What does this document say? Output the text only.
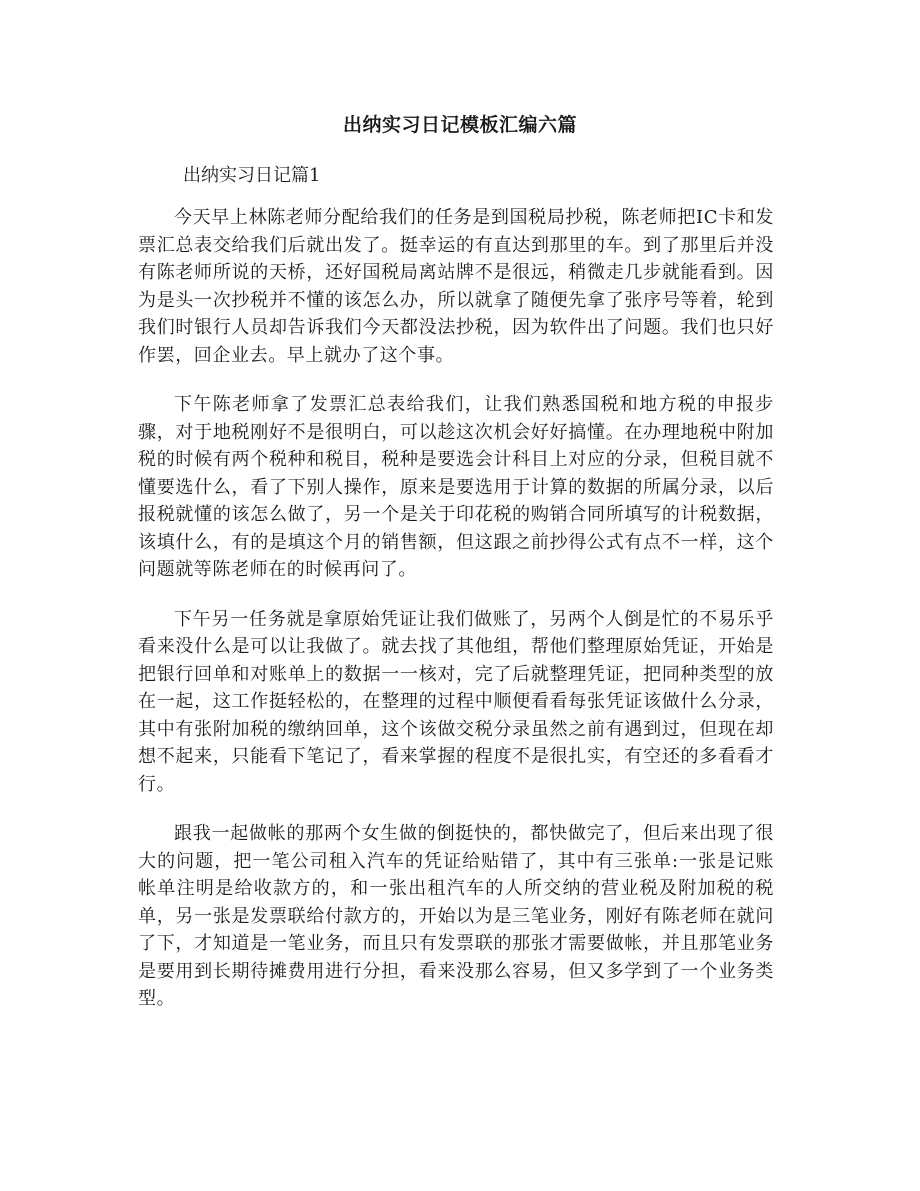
出纳实习日记模板汇编六篇
出纳实习日记篇1

今天早上林陈老师分配给我们的任务是到国税局抄税，陈老师把IC卡和发票汇总表交给我们后就出发了。挺幸运的有直达到那里的车。到了那里后并没有陈老师所说的天桥，还好国税局离站牌不是很远，稍微走几步就能看到。因为是头一次抄税并不懂的该怎么办，所以就拿了随便先拿了张序号等着，轮到我们时银行人员却告诉我们今天都没法抄税，因为软件出了问题。我们也只好作罢，回企业去。早上就办了这个事。

下午陈老师拿了发票汇总表给我们，让我们熟悉国税和地方税的申报步骤，对于地税刚好不是很明白，可以趁这次机会好好搞懂。在办理地税中附加税的时候有两个税种和税目，税种是要选会计科目上对应的分录，但税目就不懂要选什么，看了下别人操作，原来是要选用于计算的数据的所属分录，以后报税就懂的该怎么做了，另一个是关于印花税的购销合同所填写的计税数据，该填什么，有的是填这个月的销售额，但这跟之前抄得公式有点不一样，这个问题就等陈老师在的时候再问了。

下午另一任务就是拿原始凭证让我们做账了，另两个人倒是忙的不易乐乎看来没什么是可以让我做了。就去找了其他组，帮他们整理原始凭证，开始是把银行回单和对账单上的数据一一核对，完了后就整理凭证，把同种类型的放在一起，这工作挺轻松的，在整理的过程中顺便看看每张凭证该做什么分录，其中有张附加税的缴纳回单，这个该做交税分录虽然之前有遇到过，但现在却想不起来，只能看下笔记了，看来掌握的程度不是很扎实，有空还的多看看才行。

跟我一起做帐的那两个女生做的倒挺快的，都快做完了，但后来出现了很大的问题，把一笔公司租入汽车的凭证给贴错了，其中有三张单:一张是记账帐单注明是给收款方的，和一张出租汽车的人所交纳的营业税及附加税的税单，另一张是发票联给付款方的，开始以为是三笔业务，刚好有陈老师在就问了下，才知道是一笔业务，而且只有发票联的那张才需要做帐，并且那笔业务是要用到长期待摊费用进行分担，看来没那么容易，但又多学到了一个业务类型。
